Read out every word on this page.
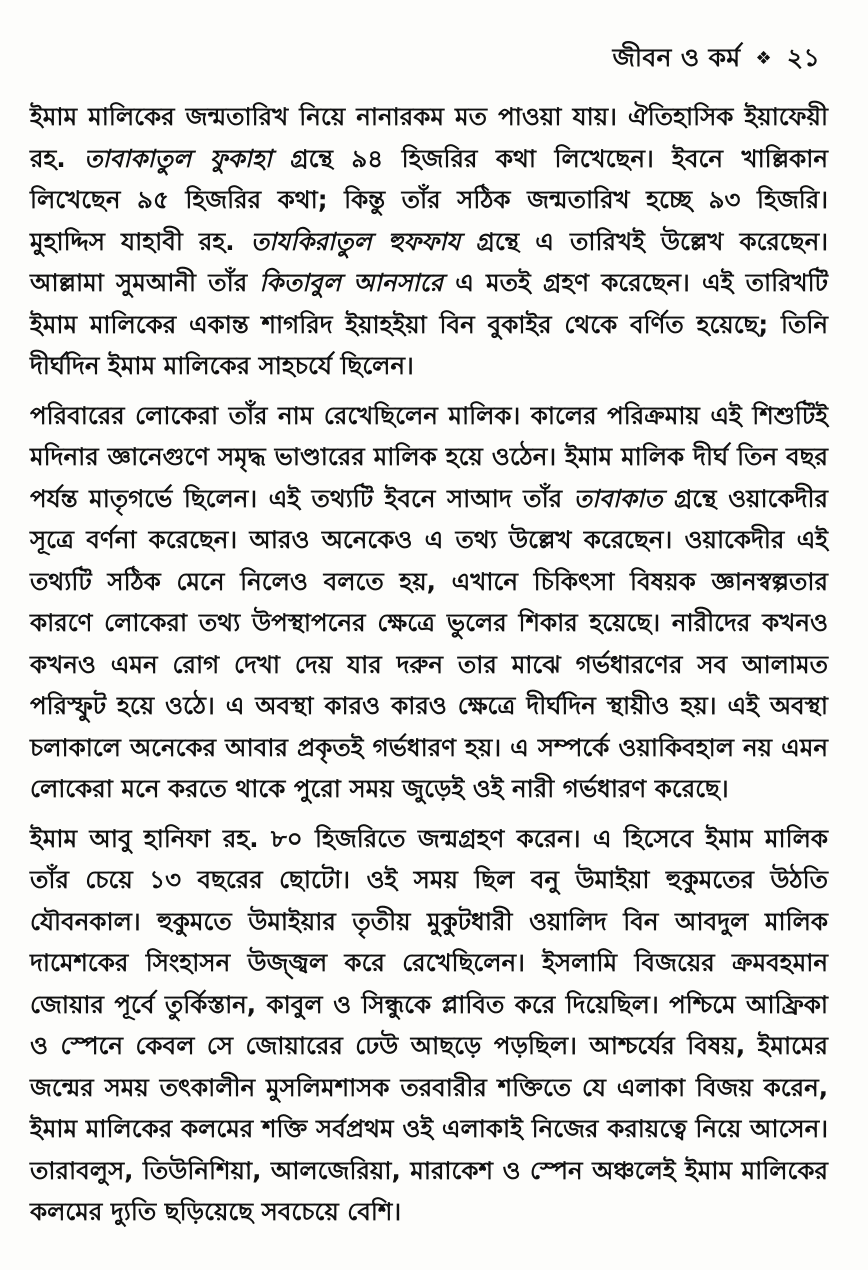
জীবন ও কর্ম ❖ ২১

ইমাম মালিকের জন্মতারিখ নিয়ে নানারকম মত পাওয়া যায়। ঐতিহাসিক ইয়াফেয়ী রহ. তাবাকাতুল ফুকাহা গ্রন্থে ৯৪ হিজরির কথা লিখেছেন। ইবনে খাল্লিকান লিখেছেন ৯৫ হিজরির কথা; কিন্তু তাঁর সঠিক জন্মতারিখ হচ্ছে ৯৩ হিজরি। মুহাদ্দিস যাহাবী রহ. তাযকিরাতুল হুফফায গ্রন্থে এ তারিখই উল্লেখ করেছেন। আল্লামা সুমআনী তাঁর কিতাবুল আনসারে এ মতই গ্রহণ করেছেন। এই তারিখটি ইমাম মালিকের একান্ত শাগরিদ ইয়াহইয়া বিন বুকাইর থেকে বর্ণিত হয়েছে; তিনি দীর্ঘদিন ইমাম মালিকের সাহচর্যে ছিলেন।

পরিবারের লোকেরা তাঁর নাম রেখেছিলেন মালিক। কালের পরিক্রমায় এই শিশুটিই মদিনার জ্ঞানেগুণে সমৃদ্ধ ভাণ্ডারের মালিক হয়ে ওঠেন। ইমাম মালিক দীর্ঘ তিন বছর পর্যন্ত মাতৃগর্ভে ছিলেন। এই তথ্যটি ইবনে সাআদ তাঁর তাবাকাত গ্রন্থে ওয়াকেদীর সূত্রে বর্ণনা করেছেন। আরও অনেকেও এ তথ্য উল্লেখ করেছেন। ওয়াকেদীর এই তথ্যটি সঠিক মেনে নিলেও বলতে হয়, এখানে চিকিৎসা বিষয়ক জ্ঞানস্বল্পতার কারণে লোকেরা তথ্য উপস্থাপনের ক্ষেত্রে ভুলের শিকার হয়েছে। নারীদের কখনও কখনও এমন রোগ দেখা দেয় যার দরুন তার মাঝে গর্ভধারণের সব আলামত পরিস্ফুট হয়ে ওঠে। এ অবস্থা কারও কারও ক্ষেত্রে দীর্ঘদিন স্থায়ীও হয়। এই অবস্থা চলাকালে অনেকের আবার প্রকৃতই গর্ভধারণ হয়। এ সম্পর্কে ওয়াকিবহাল নয় এমন লোকেরা মনে করতে থাকে পুরো সময় জুড়েই ওই নারী গর্ভধারণ করেছে।

ইমাম আবু হানিফা রহ. ৮০ হিজরিতে জন্মগ্রহণ করেন। এ হিসেবে ইমাম মালিক তাঁর চেয়ে ১৩ বছরের ছোটো। ওই সময় ছিল বনু উমাইয়া হুকুমতের উঠতি যৌবনকাল। হুকুমতে উমাইয়ার তৃতীয় মুকুটধারী ওয়ালিদ বিন আবদুল মালিক দামেশকের সিংহাসন উজ্জ্বল করে রেখেছিলেন। ইসলামি বিজয়ের ক্রমবহমান জোয়ার পূর্বে তুর্কিস্তান, কাবুল ও সিন্ধুকে প্লাবিত করে দিয়েছিল। পশ্চিমে আফ্রিকা ও স্পেনে কেবল সে জোয়ারের ঢেউ আছড়ে পড়ছিল। আশ্চর্যের বিষয়, ইমামের জন্মের সময় তৎকালীন মুসলিমশাসক তরবারীর শক্তিতে যে এলাকা বিজয় করেন, ইমাম মালিকের কলমের শক্তি সর্বপ্রথম ওই এলাকাই নিজের করায়ত্বে নিয়ে আসেন। তারাবলুস, তিউনিশিয়া, আলজেরিয়া, মারাকেশ ও স্পেন অঞ্চলেই ইমাম মালিকের কলমের দ্যুতি ছড়িয়েছে সবচেয়ে বেশি।
